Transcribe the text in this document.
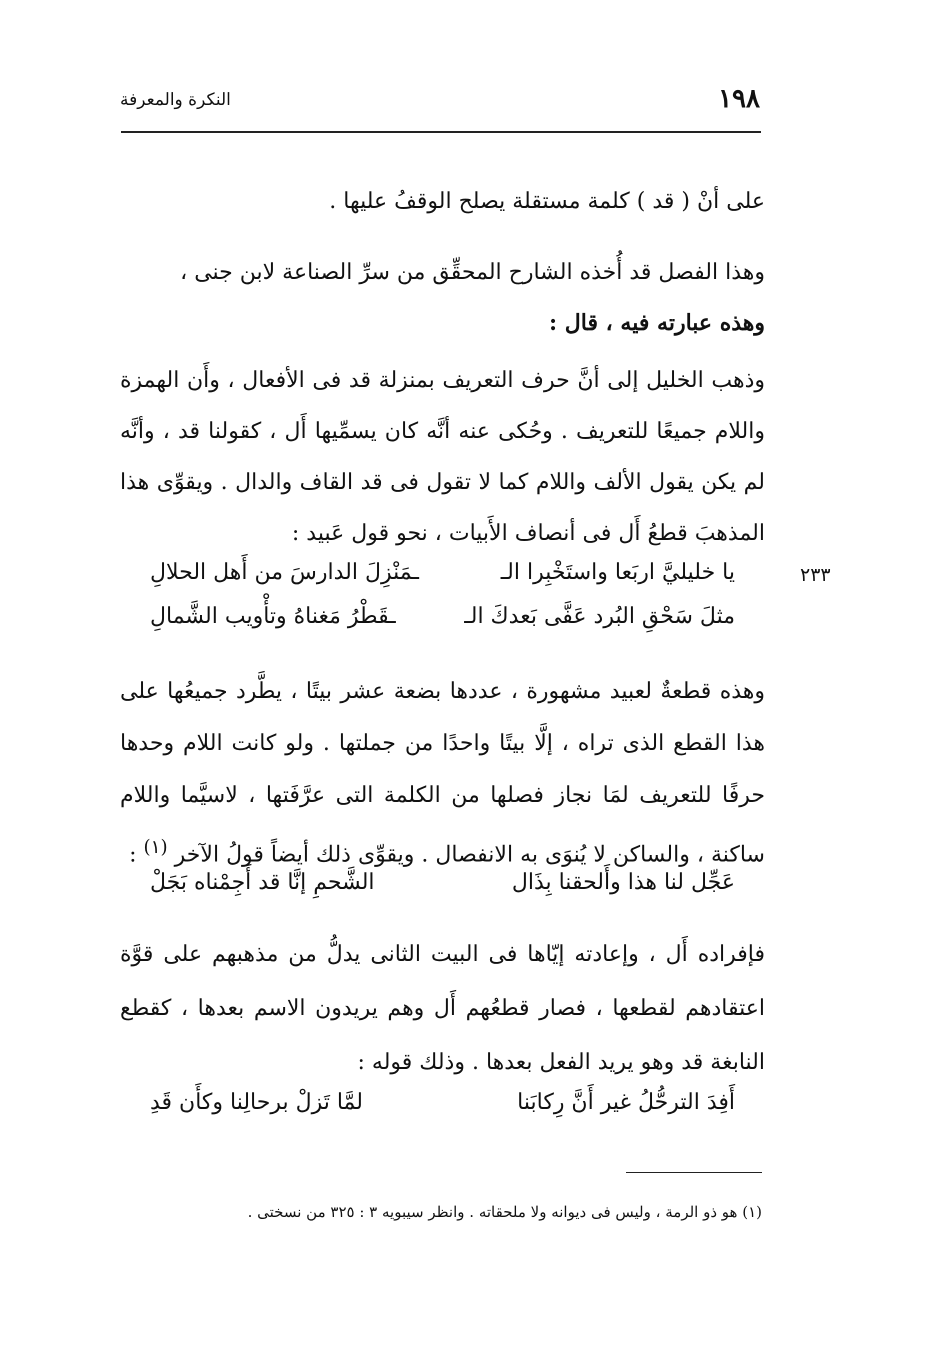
١٩٨
النكرة والمعرفة
على أنْ ( قد ) كلمة مستقلة يصلح الوقفُ عليها .
وهذا الفصل قد أُخذه الشارح المحقِّق من سرِّ الصناعة لابن جنى ،
وهذه عبارته فيه ، قال :
وذهب الخليل إلى أنَّ حرف التعريف بمنزلة قد فى الأفعال ، وأَن الهمزة واللام جميعًا للتعريف . وحُكى عنه أنَّه كان يسمِّيها أَل ، كقولنا قد ، وأنَّه لم يكن يقول الألف واللام كما لا تقول فى قد القاف والدال . ويقوِّى هذا المذهبَ قطعُ أَل فى أنصاف الأَبيات ، نحو قول عَبيد :
٢٣٣
يا خليليَّ اربَعا واستَخْبِرا الـ
ـمَنْزِلَ الدارسَ من أَهل الحلالِ
مثلَ سَحْقِ البُرد عَفَّى بَعدكَ الـ
ـقَطْرُ مَغناهُ وتأْويب الشَّمالِ
وهذه قطعةٌ لعبيد مشهورة ، عددها بضعة عشر بيتًا ، يطَّرد جميعُها على هذا القطع الذى تراه ، إلَّا بيتًا واحدًا من جملتها . ولو كانت اللام وحدها حرفًا للتعريف لمَا نجاز فصلها من الكلمة التى عرَّفَتها ، لاسيَّما واللام ساكنة ، والساكن لا يُنوَى به الانفصال . ويقوِّى ذلك أيضاً قولُ الآخر $^{(١)}$ :
عَجِّل لنا هذا وأَلحقنا بِذَال
الشَّحمِ إنَّا قد أَجِمْناه بَجَلْ
فإفراده أَل ، وإعادته إيّاها فى البيت الثانى يدلُّ من مذهبهم على قوَّة اعتقادهم لقطعها ، فصار قطعُهم أَل وهم يريدون الاسم بعدها ، كقطع النابغة قد وهو يريد الفعل بعدها . وذلك قوله :
أَفِدَ الترحُّلُ غير أَنَّ رِكابَنا
لمَّا تَزلْ برحالِنا وكأَن قَدِ
(١) هو ذو الرمة ، وليس فى ديوانه ولا ملحقاته . وانظر سيبويه ٣ : ٣٢٥ من نسختى .
